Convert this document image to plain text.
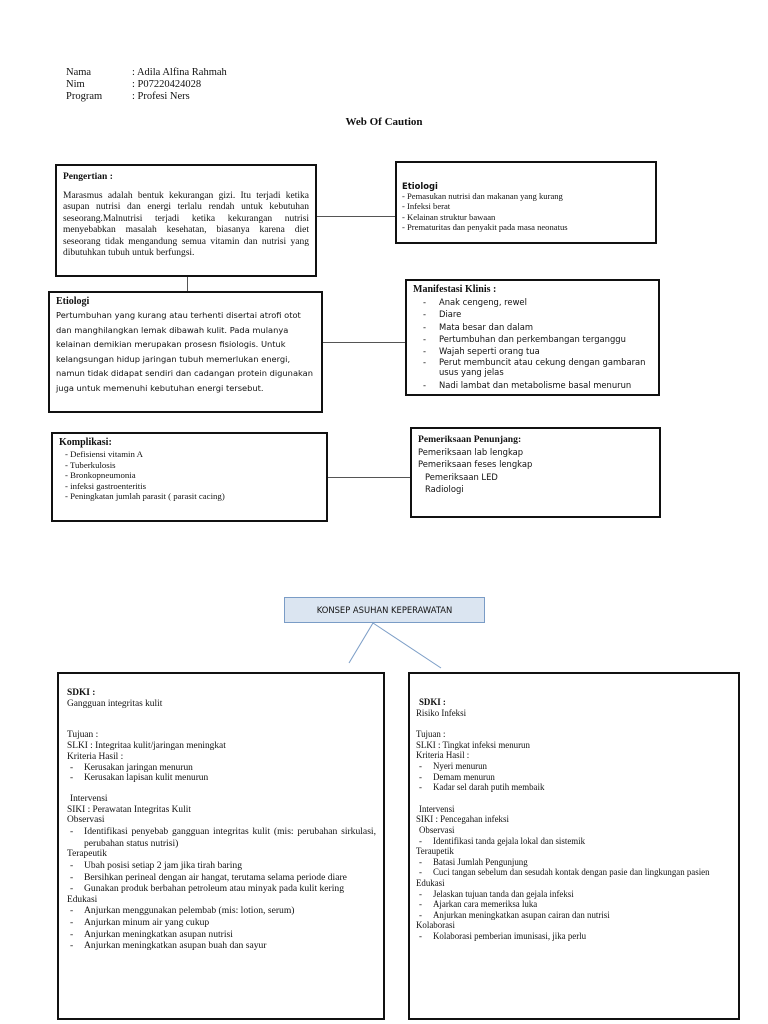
Nama	: Adila Alfina Rahmah
Nim	: P07220424028
Program	: Profesi Ners
Web Of Caution
Pengertian :
Marasmus adalah bentuk kekurangan gizi. Itu terjadi ketika asupan nutrisi dan energi terlalu rendah untuk kebutuhan seseorang.Malnutrisi terjadi ketika kekurangan nutrisi menyebabkan masalah kesehatan, biasanya karena diet seseorang tidak mengandung semua vitamin dan nutrisi yang dibutuhkan tubuh untuk berfungsi.
Etiologi
- Pemasukan nutrisi dan makanan yang kurang
- Infeksi berat
- Kelainan struktur bawaan
- Prematuritas dan penyakit pada masa neonatus
Etiologi
Pertumbuhan yang kurang atau terhenti disertai atrofi otot dan manghilangkan lemak dibawah kulit. Pada mulanya kelainan demikian merupakan prosesn fisiologis. Untuk kelangsungan hidup jaringan tubuh memerlukan energi, namun tidak didapat sendiri dan cadangan protein digunakan juga untuk memenuhi kebutuhan energi tersebut.
Manifestasi Klinis :
- Anak cengeng, rewel
- Diare
- Mata besar dan dalam
- Pertumbuhan dan perkembangan terganggu
- Wajah seperti orang tua
- Perut membuncit atau cekung dengan gambaran usus yang jelas
- Nadi lambat dan metabolisme basal menurun
Komplikasi:
- Defisiensi vitamin A
- Tuberkulosis
- Bronkopneumonia
- infeksi gastroenteritis
- Peningkatan jumlah parasit ( parasit cacing)
Pemeriksaan Penunjang:
Pemeriksaan lab lengkap
Pemeriksaan feses lengkap
Pemeriksaan LED
Radiologi
KONSEP ASUHAN KEPERAWATAN
SDKI :
Gangguan integritas kulit
Tujuan :
SLKI : Integritaa kulit/jaringan meningkat
Kriteria Hasil :
- Kerusakan jaringan menurun
- Kerusakan lapisan kulit menurun
Intervensi
SIKI : Perawatan Integritas Kulit
Observasi
- Identifikasi penyebab gangguan integritas kulit (mis: perubahan sirkulasi, perubahan status nutrisi)
Terapeutik
- Ubah posisi setiap 2 jam jika tirah baring
- Bersihkan perineal dengan air hangat, terutama selama periode diare
- Gunakan produk berbahan petroleum atau minyak pada kulit kering
Edukasi
- Anjurkan menggunakan pelembab (mis: lotion, serum)
- Anjurkan minum air yang cukup
- Anjurkan meningkatkan asupan nutrisi
- Anjurkan meningkatkan asupan buah dan sayur
SDKI :
Risiko Infeksi
Tujuan :
SLKI : Tingkat infeksi menurun
Kriteria Hasil :
- Nyeri menurun
- Demam menurun
- Kadar sel darah putih membaik
Intervensi
SIKI : Pencegahan infeksi
Observasi
- Identifikasi tanda gejala lokal dan sistemik
Teraupetik
- Batasi Jumlah Pengunjung
- Cuci tangan sebelum dan sesudah kontak dengan pasie dan lingkungan pasien
Edukasi
- Jelaskan tujuan tanda dan gejala infeksi
- Ajarkan cara memeriksa luka
- Anjurkan meningkatkan asupan cairan dan nutrisi
Kolaborasi
- Kolaborasi pemberian imunisasi, jika perlu
